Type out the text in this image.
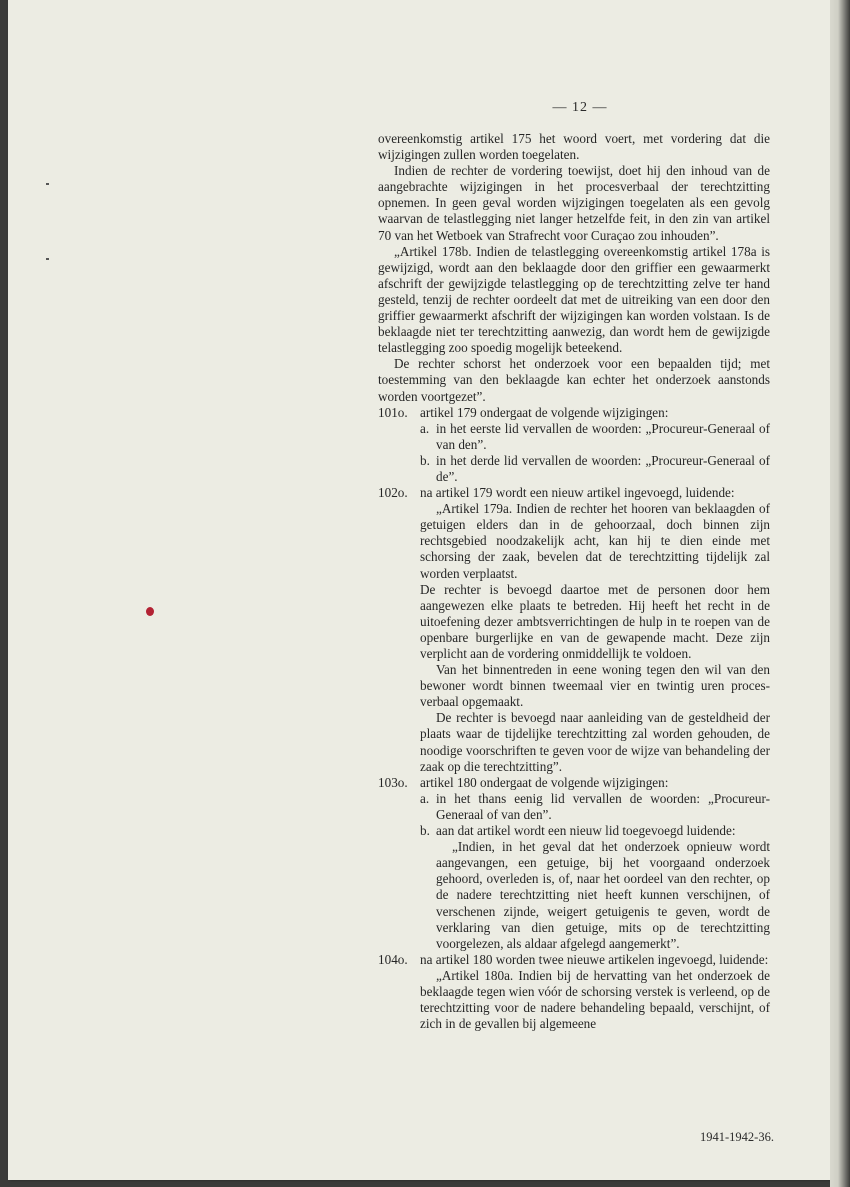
— 12 —

overeenkomstig artikel 175 het woord voert, met vordering dat die wijzigingen zullen worden toegelaten.

Indien de rechter de vordering toewijst, doet hij den inhoud van de aangebrachte wijzigingen in het procesverbaal der terechtzitting opnemen. In geen geval worden wijzigingen toegelaten als een gevolg waarvan de telastlegging niet langer hetzelfde feit, in den zin van artikel 70 van het Wetboek van Strafrecht voor Curaçao zou inhouden”.

„Artikel 178b. Indien de telastlegging overeenkomstig artikel 178a is gewijzigd, wordt aan den beklaagde door den griffier een gewaarmerkt afschrift der gewijzigde telastlegging op de terechtzitting zelve ter hand gesteld, tenzij de rechter oordeelt dat met de uitreiking van een door den griffier gewaarmerkt afschrift der wijzigingen kan worden volstaan. Is de beklaagde niet ter terechtzitting aanwezig, dan wordt hem de gewijzigde telastlegging zoo spoedig mogelijk beteekend.

De rechter schorst het onderzoek voor een bepaalden tijd; met toestemming van den beklaagde kan echter het onderzoek aanstonds worden voortgezet”.

101o. artikel 179 ondergaat de volgende wijzigingen:
a. in het eerste lid vervallen de woorden: „Procureur-Generaal of van den”.
b. in het derde lid vervallen de woorden: „Procureur-Generaal of de”.
102o. na artikel 179 wordt een nieuw artikel ingevoegd, luidende:

„Artikel 179a. Indien de rechter het hooren van beklaagden of getuigen elders dan in de gehoorzaal, doch binnen zijn rechtsgebied noodzakelijk acht, kan hij te dien einde met schorsing der zaak, bevelen dat de terechtzitting tijdelijk zal worden verplaatst.

De rechter is bevoegd daartoe met de personen door hem aangewezen elke plaats te betreden. Hij heeft het recht in de uitoefening dezer ambtsverrichtingen de hulp in te roepen van de openbare burgerlijke en van de gewapende macht. Deze zijn verplicht aan de vordering onmiddellijk te voldoen.

Van het binnentreden in eene woning tegen den wil van den bewoner wordt binnen tweemaal vier en twintig uren proces-verbaal opgemaakt.

De rechter is bevoegd naar aanleiding van de gesteldheid der plaats waar de tijdelijke terechtzitting zal worden gehouden, de noodige voorschriften te geven voor de wijze van behandeling der zaak op die terechtzitting”.

103o. artikel 180 ondergaat de volgende wijzigingen:
a. in het thans eenig lid vervallen de woorden: „Procureur-Generaal of van den”.
b. aan dat artikel wordt een nieuw lid toegevoegd luidende:

„Indien, in het geval dat het onderzoek opnieuw wordt aangevangen, een getuige, bij het voorgaand onderzoek gehoord, overleden is, of, naar het oordeel van den rechter, op de nadere terechtzitting niet heeft kunnen verschijnen, of verschenen zijnde, weigert getuigenis te geven, wordt de verklaring van dien getuige, mits op de terechtzitting voorgelezen, als aldaar afgelegd aangemerkt”.

104o. na artikel 180 worden twee nieuwe artikelen ingevoegd, luidende:

„Artikel 180a. Indien bij de hervatting van het onderzoek de beklaagde tegen wien vóór de schorsing verstek is verleend, op de terechtzitting voor de nadere behandeling bepaald, verschijnt, of zich in de gevallen bij algemeene

1941-1942-36.
